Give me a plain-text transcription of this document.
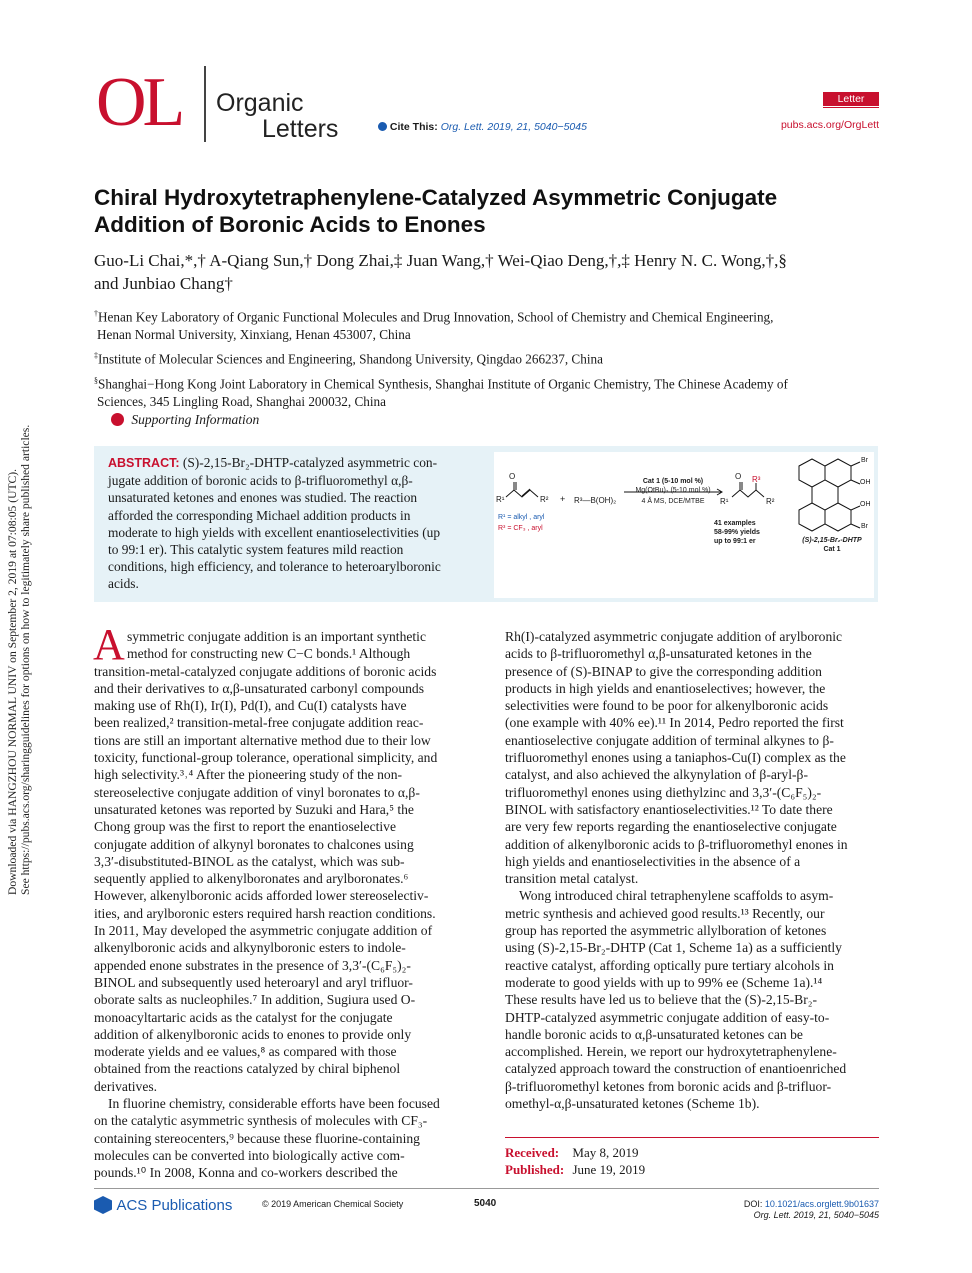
Downloaded via HANGZHOU NORMAL UNIV on September 2, 2019 at 07:08:05 (UTC). See https://pubs.acs.org/sharingguidelines for options on how to legitimately share published articles.
OL Organic
Letters	Cite This: Org. Lett. 2019, 21, 5040−5045
Letter
pubs.acs.org/OrgLett
Chiral Hydroxytetraphenylene-Catalyzed Asymmetric Conjugate
Addition of Boronic Acids to Enones
Guo-Li Chai,*,† A-Qiang Sun,† Dong Zhai,‡ Juan Wang,† Wei-Qiao Deng,†,‡ Henry N. C. Wong,†,§
and Junbiao Chang†
†Henan Key Laboratory of Organic Functional Molecules and Drug Innovation, School of Chemistry and Chemical Engineering,
Henan Normal University, Xinxiang, Henan 453007, China
‡Institute of Molecular Sciences and Engineering, Shandong University, Qingdao 266237, China
§Shanghai−Hong Kong Joint Laboratory in Chemical Synthesis, Shanghai Institute of Organic Chemistry, The Chinese Academy of
Sciences, 345 Lingling Road, Shanghai 200032, China
Supporting Information
ABSTRACT: (S)-2,15-Br₂-DHTP-catalyzed asymmetric con-
jugate addition of boronic acids to β-trifluoromethyl α,β-
unsaturated ketones and enones was studied. The reaction
afforded the corresponding Michael addition products in
moderate to high yields with excellent enantioselectivities (up
to 99:1 er). This catalytic system features mild reaction
conditions, high efficiency, and tolerance to heteroarylboronic
acids.
O
R¹	R² + R³—B(OH)₂
Cat 1 (5-10 mol %)
Mg(OtBu)₂ (5-10 mol %)
4 Å MS, DCE/MTBE
O R³
R¹	R²
R¹ = alkyl , aryl
R³ = CF₃ , aryl
41 examples
58-99% yields
up to 99:1 er
Br
OH
OH
Br
(S)-2,15-Br₂-DHTP
Cat 1
A symmetric conjugate addition is an important synthetic
method for constructing new C−C bonds.¹ Although
transition-metal-catalyzed conjugate additions of boronic acids
and their derivatives to α,β-unsaturated carbonyl compounds
making use of Rh(I), Ir(I), Pd(I), and Cu(I) catalysts have
been realized,² transition-metal-free conjugate addition reac-
tions are still an important alternative method due to their low
toxicity, functional-group tolerance, operational simplicity, and
high selectivity.³˒⁴ After the pioneering study of the non-
stereoselective conjugate addition of vinyl boronates to α,β-
unsaturated ketones was reported by Suzuki and Hara,⁵ the
Chong group was the first to report the enantioselective
conjugate addition of alkynyl boronates to chalcones using
3,3′-disubstituted-BINOL as the catalyst, which was sub-
sequently applied to alkenylboronates and arylboronates.⁶
However, alkenylboronic acids afforded lower stereoselectiv-
ities, and arylboronic esters required harsh reaction conditions.
In 2011, May developed the asymmetric conjugate addition of
alkenylboronic acids and alkynylboronic esters to indole-
appended enone substrates in the presence of 3,3′-(C₆F₅)₂-
BINOL and subsequently used heteroaryl and aryl trifluor-
oborate salts as nucleophiles.⁷ In addition, Sugiura used O-
monoacyltartaric acids as the catalyst for the conjugate
addition of alkenylboronic acids to enones to provide only
moderate yields and ee values,⁸ as compared with those
obtained from the reactions catalyzed by chiral biphenol
derivatives.
In fluorine chemistry, considerable efforts have been focused
on the catalytic asymmetric synthesis of molecules with CF₃-
containing stereocenters,⁹ because these fluorine-containing
molecules can be converted into biologically active com-
pounds.¹⁰ In 2008, Konna and co-workers described the
Rh(I)-catalyzed asymmetric conjugate addition of arylboronic
acids to β-trifluoromethyl α,β-unsaturated ketones in the
presence of (S)-BINAP to give the corresponding addition
products in high yields and enantioselectives; however, the
selectivities were found to be poor for alkenylboronic acids
(one example with 40% ee).¹¹ In 2014, Pedro reported the first
enantioselective conjugate addition of terminal alkynes to β-
trifluoromethyl enones using a taniaphos-Cu(I) complex as the
catalyst, and also achieved the alkynylation of β-aryl-β-
trifluoromethyl enones using diethylzinc and 3,3′-(C₆F₅)₂-
BINOL with satisfactory enantioselectivities.¹² To date there
are very few reports regarding the enantioselective conjugate
addition of alkenylboronic acids to β-trifluoromethyl enones in
high yields and enantioselectivities in the absence of a
transition metal catalyst.
Wong introduced chiral tetraphenylene scaffolds to asym-
metric synthesis and achieved good results.¹³ Recently, our
group has reported the asymmetric allylboration of ketones
using (S)-2,15-Br₂-DHTP (Cat 1, Scheme 1a) as a sufficiently
reactive catalyst, affording optically pure tertiary alcohols in
moderate to good yields with up to 99% ee (Scheme 1a).¹⁴
These results have led us to believe that the (S)-2,15-Br₂-
DHTP-catalyzed asymmetric conjugate addition of easy-to-
handle boronic acids to α,β-unsaturated ketones can be
accomplished. Herein, we report our hydroxytetraphenylene-
catalyzed approach toward the construction of enantioenriched
β-trifluoromethyl ketones from boronic acids and β-trifluor-
omethyl-α,β-unsaturated ketones (Scheme 1b).
Received: May 8, 2019
Published: June 19, 2019
ACS Publications	© 2019 American Chemical Society	5040	DOI: 10.1021/acs.orglett.9b01637
Org. Lett. 2019, 21, 5040−5045
